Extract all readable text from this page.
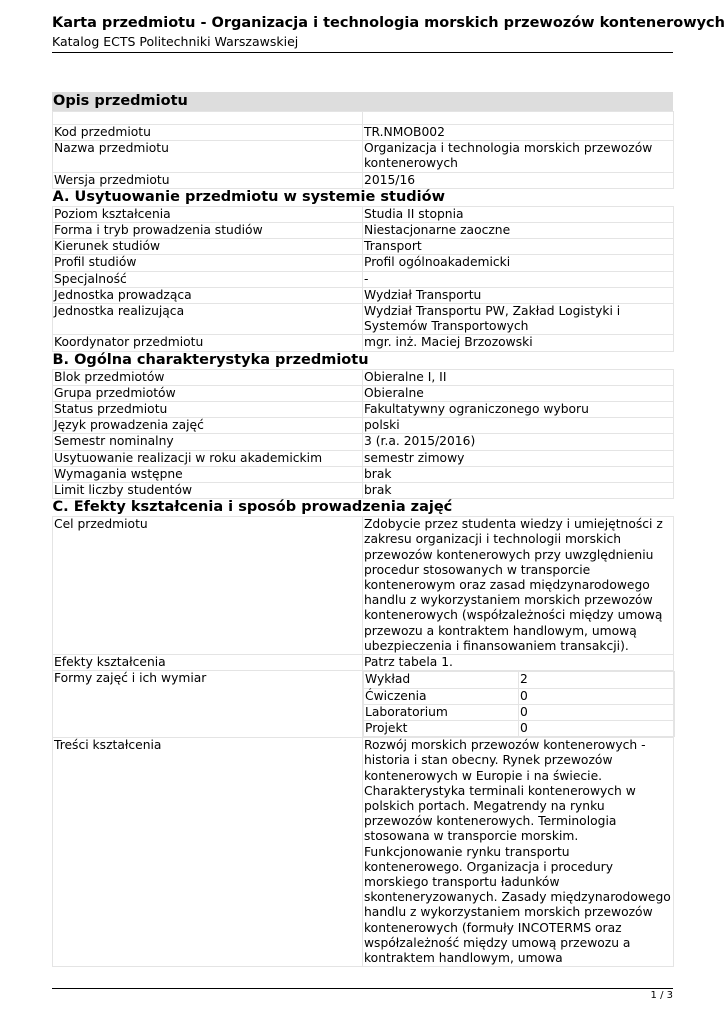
Karta przedmiotu - Organizacja i technologia morskich przewozów kontenerowych
Katalog ECTS Politechniki Warszawskiej
Opis przedmiotu

Kod przedmiotu	TR.NMOB002
Nazwa przedmiotu	Organizacja i technologia morskich przewozów kontenerowych
Wersja przedmiotu	2015/16
A. Usytuowanie przedmiotu w systemie studiów
Poziom kształcenia	Studia II stopnia
Forma i tryb prowadzenia studiów	Niestacjonarne zaoczne
Kierunek studiów	Transport
Profil studiów	Profil ogólnoakademicki
Specjalność	-
Jednostka prowadząca	Wydział Transportu
Jednostka realizująca	Wydział Transportu PW, Zakład Logistyki i Systemów Transportowych
Koordynator przedmiotu	mgr. inż. Maciej Brzozowski
B. Ogólna charakterystyka przedmiotu
Blok przedmiotów	Obieralne I, II
Grupa przedmiotów	Obieralne
Status przedmiotu	Fakultatywny ograniczonego wyboru
Język prowadzenia zajęć	polski
Semestr nominalny	3 (r.a. 2015/2016)
Usytuowanie realizacji w roku akademickim	semestr zimowy
Wymagania wstępne	brak
Limit liczby studentów	brak
C. Efekty kształcenia i sposób prowadzenia zajęć
Cel przedmiotu	Zdobycie przez studenta wiedzy i umiejętności z zakresu organizacji i technologii morskich przewozów kontenerowych przy uwzględnieniu procedur stosowanych w transporcie kontenerowym oraz zasad międzynarodowego handlu z wykorzystaniem morskich przewozów kontenerowych (współzależności między umową przewozu a kontraktem handlowym, umową ubezpieczenia i finansowaniem transakcji).
Efekty kształcenia	Patrz tabela 1.
Formy zajęć i ich wymiar		Wykład	2
Ćwiczenia	0
Laboratorium	0
Projekt	0

Treści kształcenia	Rozwój morskich przewozów kontenerowych - historia i stan obecny. Rynek przewozów kontenerowych w Europie i na świecie. Charakterystyka terminali kontenerowych w polskich portach. Megatrendy na rynku przewozów kontenerowych. Terminologia stosowana w transporcie morskim. Funkcjonowanie rynku transportu kontenerowego. Organizacja i procedury morskiego transportu ładunków skonteneryzowanych. Zasady międzynarodowego handlu z wykorzystaniem morskich przewozów kontenerowych (formuły INCOTERMS oraz współzależność między umową przewozu a kontraktem handlowym, umowa
1 / 3
